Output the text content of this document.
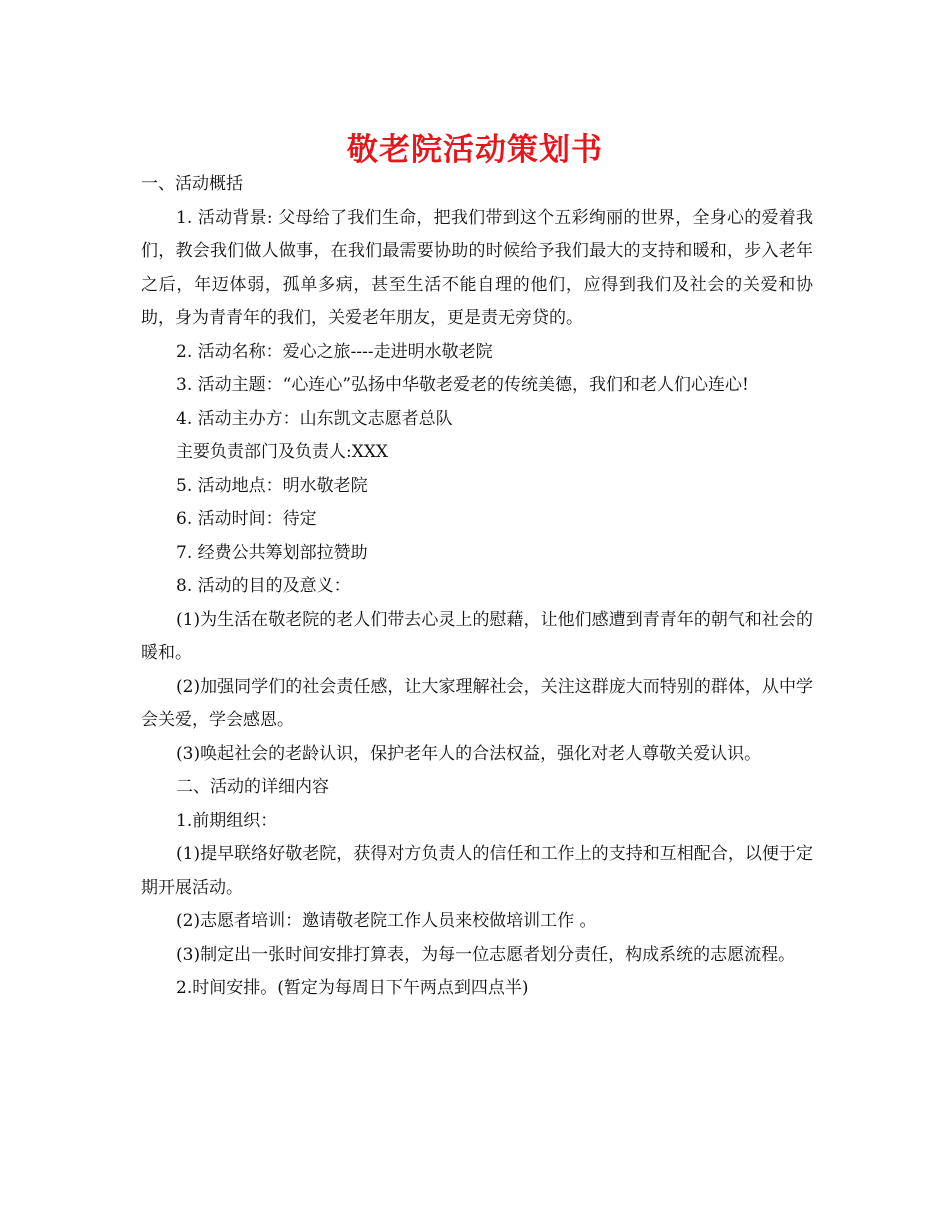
敬老院活动策划书

一、活动概括

1. 活动背景: 父母给了我们生命，把我们带到这个五彩绚丽的世界，全身心的爱着我们，教会我们做人做事，在我们最需要协助的时候给予我们最大的支持和暖和，步入老年之后，年迈体弱，孤单多病，甚至生活不能自理的他们，应得到我们及社会的关爱和协助，身为青青年的我们，关爱老年朋友，更是责无旁贷的。

2. 活动名称：爱心之旅----走进明水敬老院

3. 活动主题：“心连心”弘扬中华敬老爱老的传统美德，我们和老人们心连心!

4. 活动主办方：山东凯文志愿者总队

主要负责部门及负责人:XXX

5. 活动地点：明水敬老院

6. 活动时间：待定

7. 经费公共筹划部拉赞助

8. 活动的目的及意义：

(1)为生活在敬老院的老人们带去心灵上的慰藉，让他们感遭到青青年的朝气和社会的暖和。

(2)加强同学们的社会责任感，让大家理解社会，关注这群庞大而特别的群体，从中学会关爱，学会感恩。

(3)唤起社会的老龄认识，保护老年人的合法权益，强化对老人尊敬关爱认识。

二、活动的详细内容

1.前期组织：

(1)提早联络好敬老院，获得对方负责人的信任和工作上的支持和互相配合，以便于定期开展活动。

(2)志愿者培训：邀请敬老院工作人员来校做培训工作 。

(3)制定出一张时间安排打算表，为每一位志愿者划分责任，构成系统的志愿流程。

2.时间安排。(暂定为每周日下午两点到四点半)
